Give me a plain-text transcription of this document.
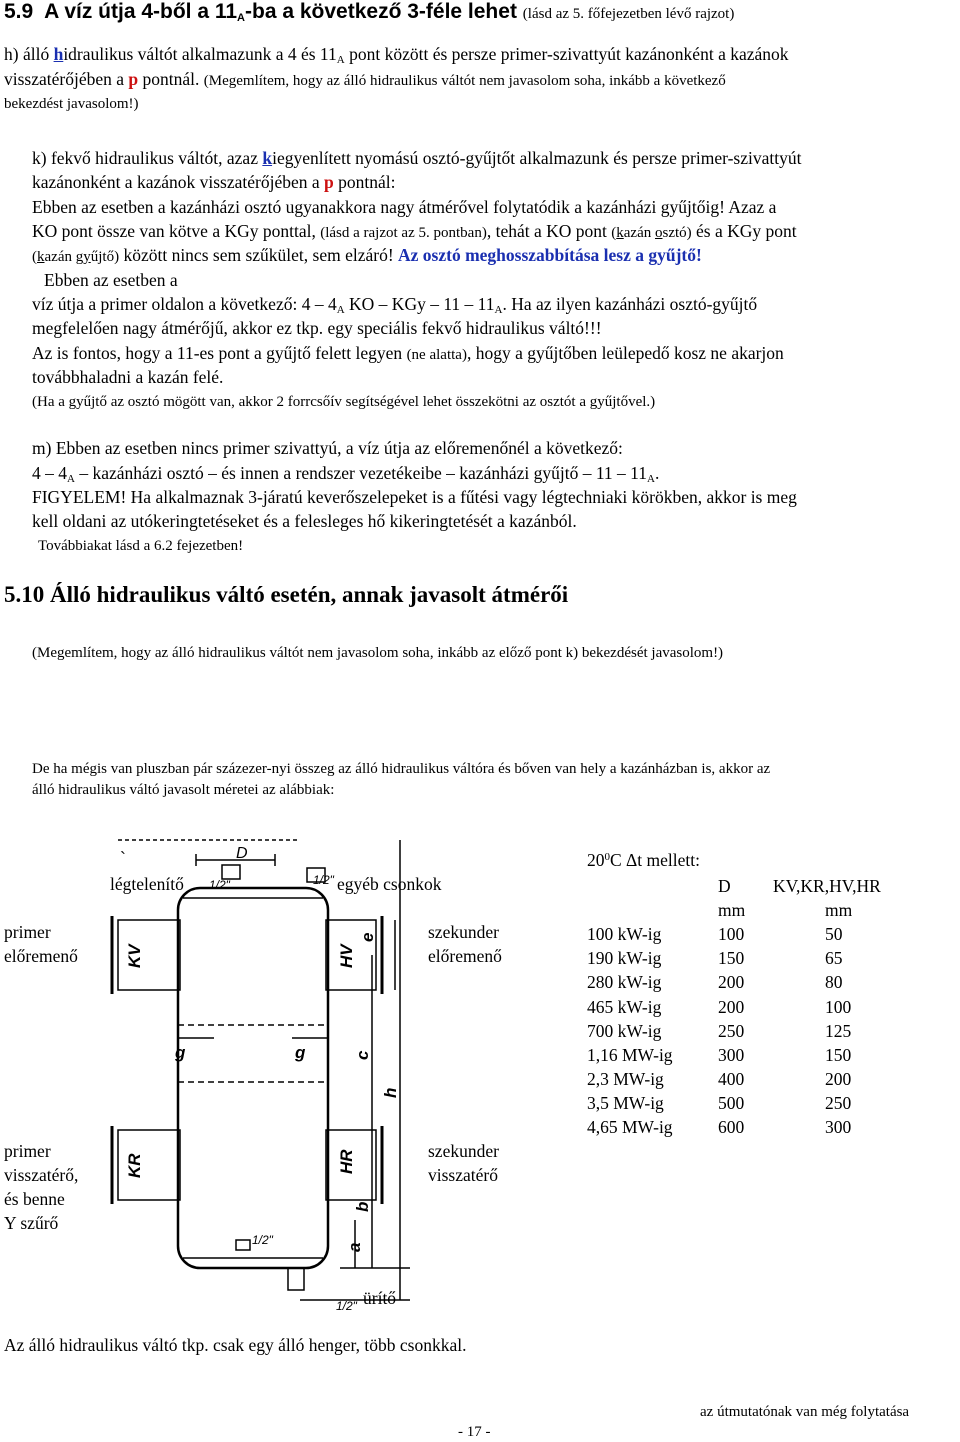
5.9 A víz útja 4-ből a $11_A-ba$ a következő 3-féle lehet (lásd az 5. főfejezetben lévő rajzot)
h) álló hidraulikus váltót alkalmazunk a 4 és $11_A$ pont között és persze primer-szivattyút kazánonként a kazánok
visszatérőjében a p pontnál. (Megemlítem, hogy az álló hidraulikus váltót nem javasolom soha, inkább a következő
bekezdést javasolom!)
k) fekvő hidraulikus váltót, azaz kiegyenlített nyomású osztó-gyűjtőt alkalmazunk és persze primer-szivattyút
kazánonként a kazánok visszatérőjében a p pontnál:
Ebben az esetben a kazánházi osztó ugyanakkora nagy átmérővel folytatódik a kazánházi gyűjtőig! Azaz a
KO pont össze van kötve a KGy ponttal, (lásd a rajzot az 5. pontban), tehát a KO pont (kazán osztó) és a KGy pont
(kazán gyűjtő) között nincs sem szűkület, sem elzáró! Az osztó meghosszabbítása lesz a gyűjtő!
Ebben az esetben a
víz útja a primer oldalon a következő: $4 - 4_A$ KO – KGy – $11 - 11_A$. Ha az ilyen kazánházi osztó-gyűjtő
megfelelően nagy átmérőjű, akkor ez tkp. egy speciális fekvő hidraulikus váltó!!!
Az is fontos, hogy a 11-es pont a gyűjtő felett legyen (ne alatta), hogy a gyűjtőben leülepedő kosz ne akarjon
továbbhaladni a kazán felé.
(Ha a gyűjtő az osztó mögött van, akkor 2 forrcsőív segítségével lehet összekötni az osztót a gyűjtővel.)
m) Ebben az esetben nincs primer szivattyú, a víz útja az előremenőnél a következő:
$4 - 4_A$ – kazánházi osztó – és innen a rendszer vezetékeibe – kazánházi gyűjtő – $11 - 11_A$.
FIGYELEM! Ha alkalmaznak 3-járatú keverőszelepeket is a fűtési vagy légtechniaki körökben, akkor is meg
kell oldani az utókeringtetéseket és a felesleges hő kikeringtetését a kazánból.
Továbbiakat lásd a 6.2 fejezetben!
5.10 Álló hidraulikus váltó esetén, annak javasolt átmérői
(Megemlítem, hogy az álló hidraulikus váltót nem javasolom soha, inkább az előző pont k) bekezdését javasolom!)
De ha mégis van pluszban pár százezer-nyi összeg az álló hidraulikus váltóra és bőven van hely a kazánházban is, akkor az
álló hidraulikus váltó javasolt méretei az alábbiak:
`	D
1/2"	1/2"
1/2"
1/2"
légtelenítő	egyéb csonkok
primer
előremenő
szekunder
előremenő
primer
visszatérő,
és benne
Y szűrő
szekunder
visszatérő
KV	HV
e
KR	HR
g	g	c
h
b
a
ürítő
$20^0C$ Δt mellett:
	D	KV,KR,HV,HR
	mm	mm
100 kW-ig	100	50
190 kW-ig	150	65
280 kW-ig	200	80
465 kW-ig	200	100
700 kW-ig	250	125
1,16 MW-ig	300	150
2,3 MW-ig	400	200
3,5 MW-ig	500	250
4,65 MW-ig	600	300
Az álló hidraulikus váltó tkp. csak egy álló henger, több csonkkal.
- 17 -
az útmutatónak van még folytatása
